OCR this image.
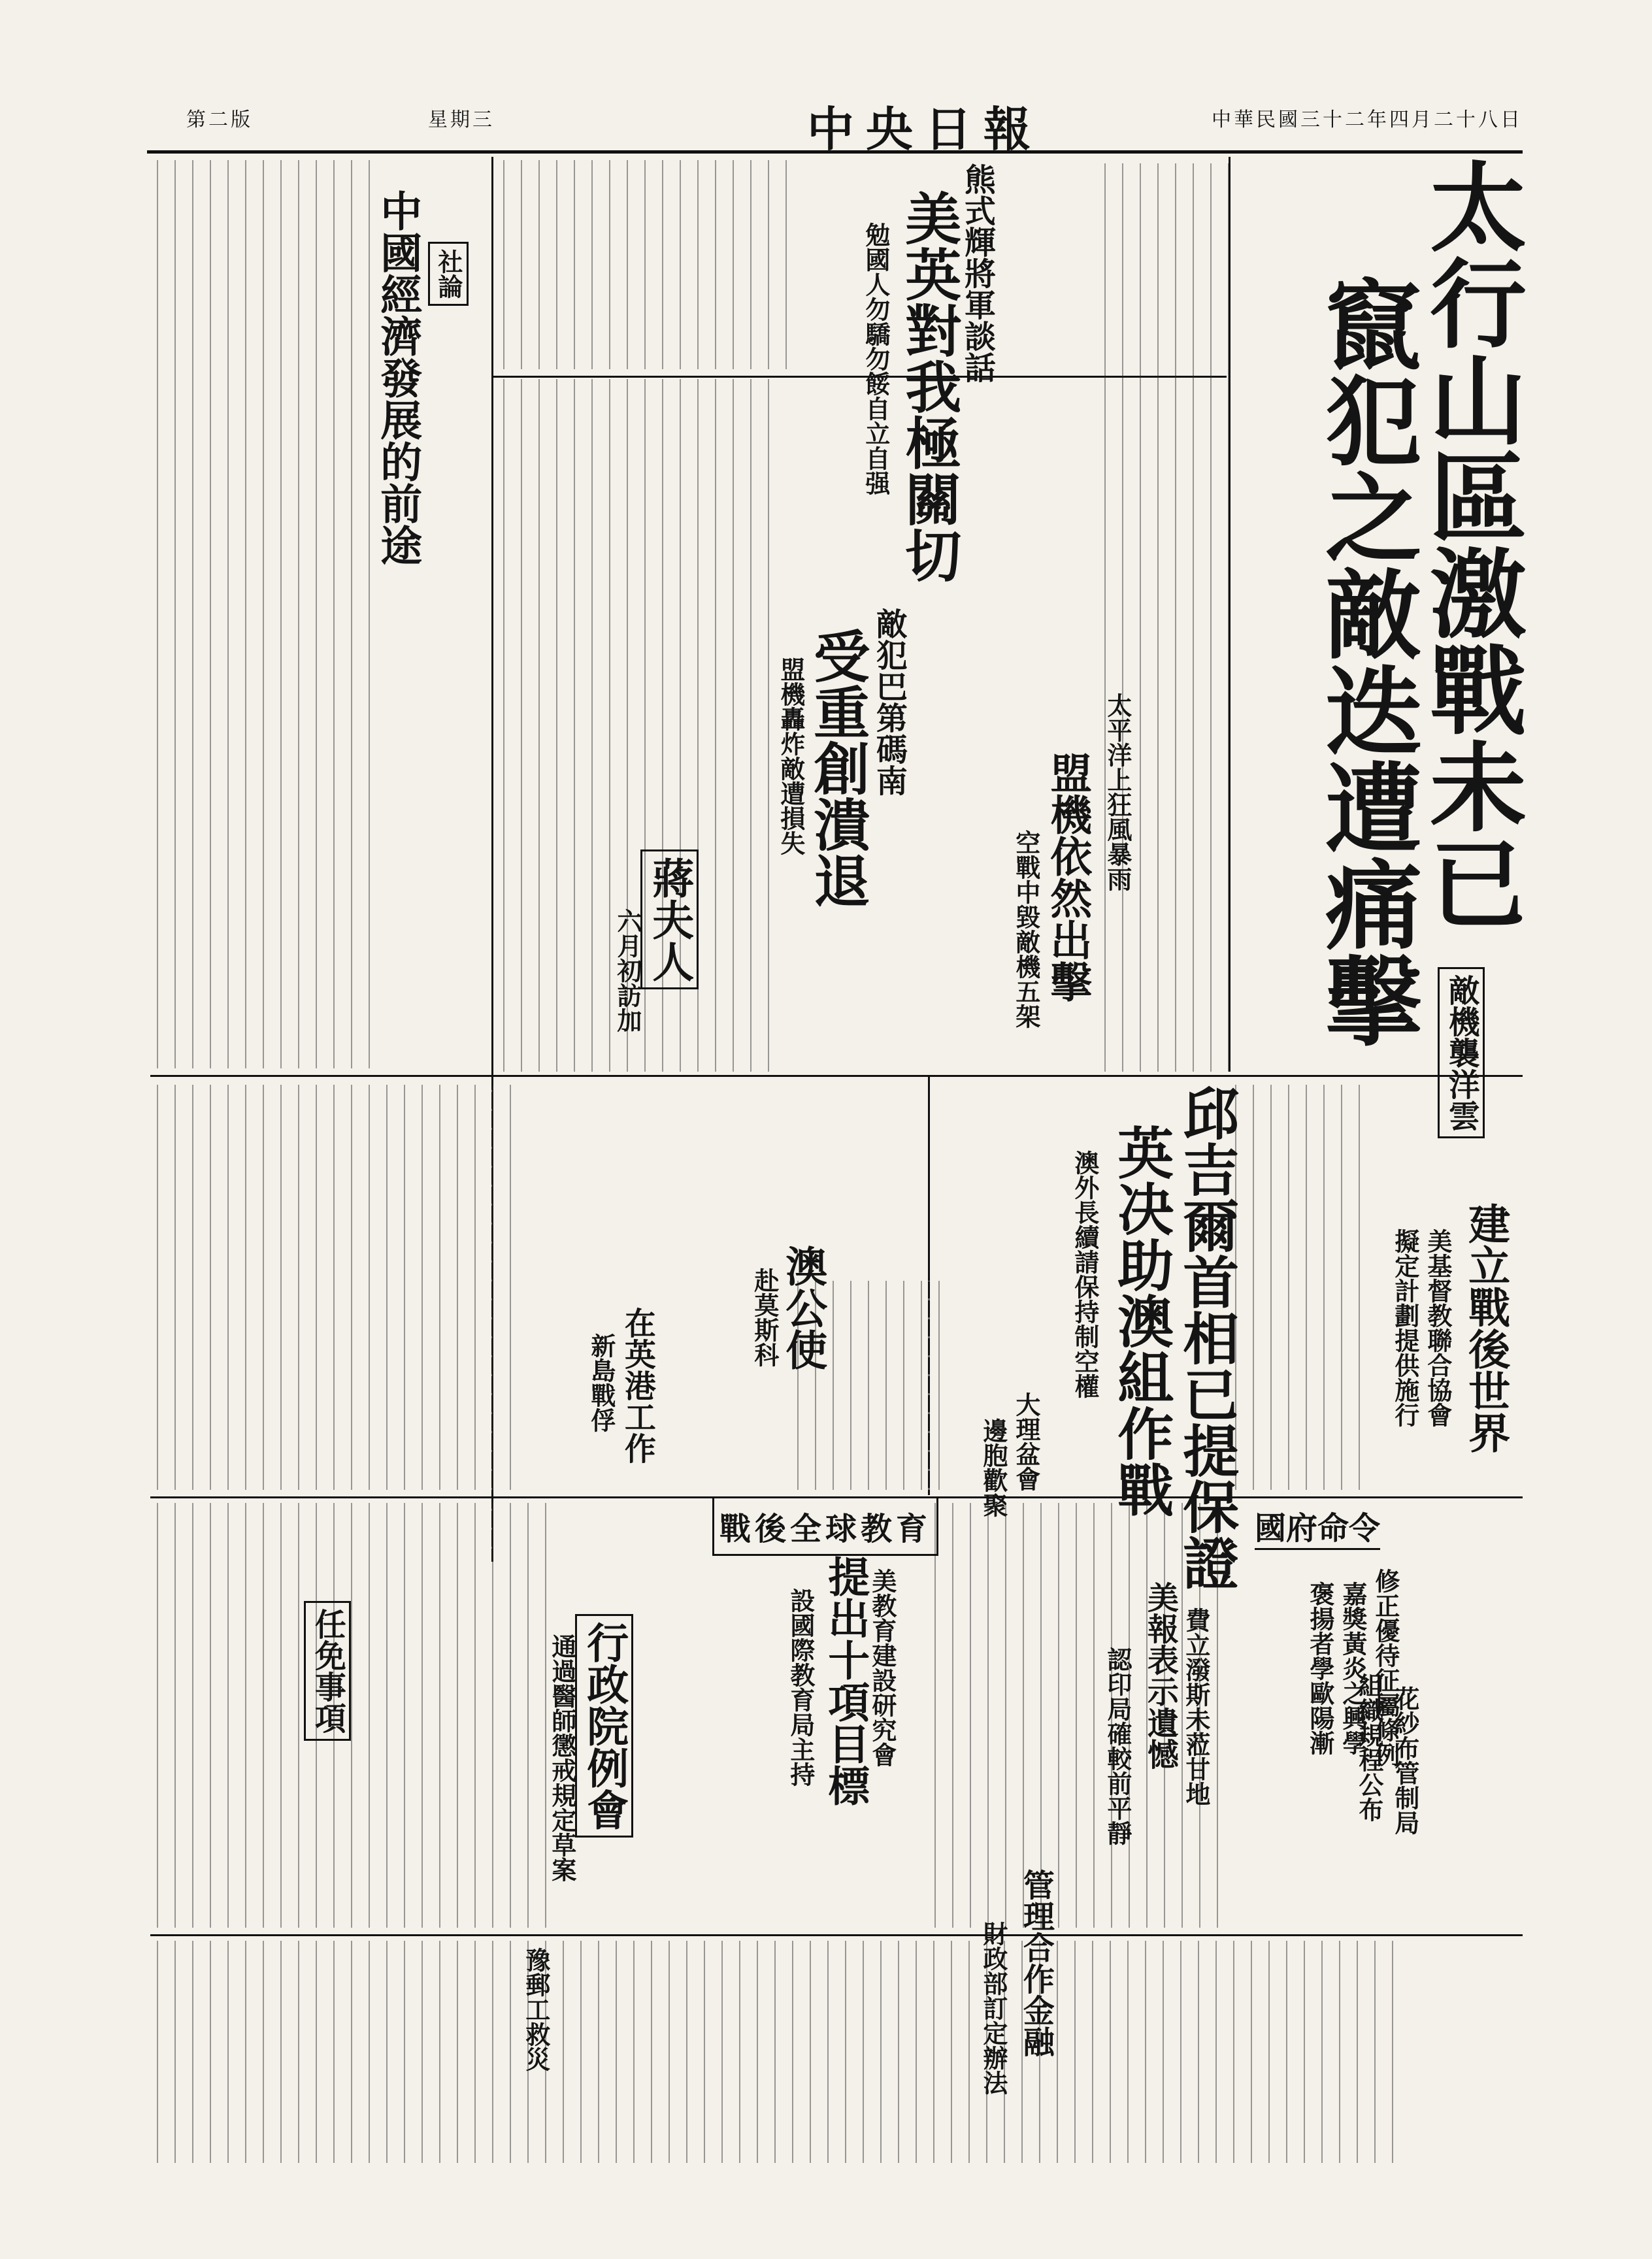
中華民國三十二年四月二十八日
中央日報
星期三
第二版
太行山區激戰未已
竄犯之敵迭遭痛擊
熊式輝將軍談話
美英對我極關切
勉國人勿驕勿餒自立自强
敵犯巴第碼南
受重創潰退
盟機轟炸敵遭損失	太平洋上狂風暴雨
盟機依然出擊
空戰中毀敵機五架
敵機襲洋雲
蔣夫人
六月初訪加
社論
中國經濟發展的前途
邱吉爾首相已提保證
英决助澳組作戰
澳外長續請保持制空權	建立戰後世界
美基督教聯合協會
擬定計劃提供施行
澳公使
赴莫斯科
在英港工作
新島戰俘
戰後全球教育
提出十項目標
設國際教育局主持 美教育建設研究會
大理盆會
邊胞歡聚
國府命令
修正優待征屬條例
嘉獎黃炎之興學
褒揚者學歐陽漸
美報表示遺憾 費立潑斯未蒞甘地
認印局確較前平靜	花紗布管制局
組織規程公布
管理合作金融
財政部訂定辦法
行政院例會
通過醫師懲戒規定草案
任免事項
豫郵工救災
